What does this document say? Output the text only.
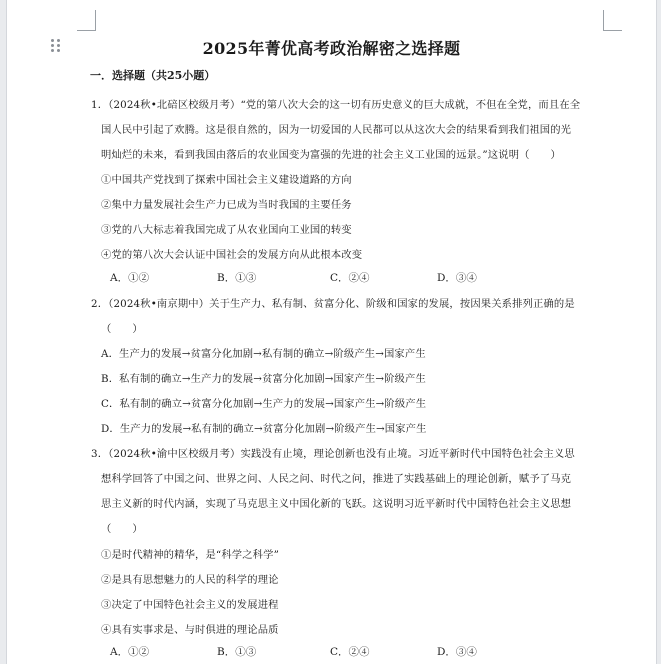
2025年菁优高考政治解密之选择题
一．选择题（共25小题）
1．（2024秋•北碚区校级月考）“党的第八次大会的这一切有历史意义的巨大成就，不但在全党，而且在全
国人民中引起了欢腾。这是很自然的，因为一切爱国的人民都可以从这次大会的结果看到我们祖国的光
明灿烂的未来，看到我国由落后的农业国变为富强的先进的社会主义工业国的远景。”这说明（　　）
①中国共产党找到了探索中国社会主义建设道路的方向
②集中力量发展社会生产力已成为当时我国的主要任务
③党的八大标志着我国完成了从农业国向工业国的转变
④党的第八次大会认证中国社会的发展方向从此根本改变
A．①②	B．①③	C．②④	D．③④
2．（2024秋•南京期中）关于生产力、私有制、贫富分化、阶级和国家的发展，按因果关系排列正确的是
（　　）
A．生产力的发展→贫富分化加剧→私有制的确立→阶级产生→国家产生
B．私有制的确立→生产力的发展→贫富分化加剧→国家产生→阶级产生
C．私有制的确立→贫富分化加剧→生产力的发展→国家产生→阶级产生
D．生产力的发展→私有制的确立→贫富分化加剧→阶级产生→国家产生
3．（2024秋•渝中区校级月考）实践没有止境，理论创新也没有止境。习近平新时代中国特色社会主义思
想科学回答了中国之问、世界之问、人民之问、时代之问，推进了实践基础上的理论创新，赋予了马克
思主义新的时代内涵，实现了马克思主义中国化新的飞跃。这说明习近平新时代中国特色社会主义思想
（　　）
①是时代精神的精华，是“科学之科学”
②是具有思想魅力的人民的科学的理论
③决定了中国特色社会主义的发展进程
④具有实事求是、与时俱进的理论品质
A．①②	B．①③	C．②④	D．③④
